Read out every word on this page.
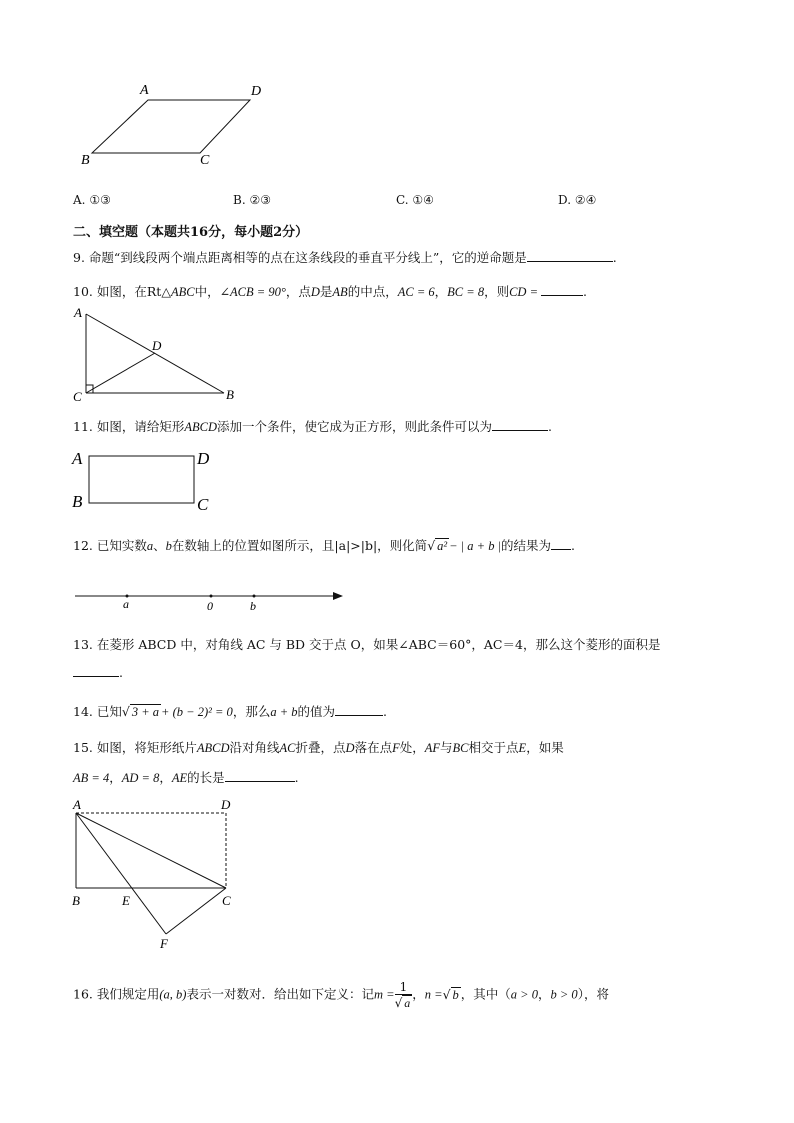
A	D
B	C
A. ①③	B. ②③	C. ①④	D. ②④
二、填空题（本题共16分，每小题2分）
9. 命题“到线段两个端点距离相等的点在这条线段的垂直平分线上”，它的逆命题是	.
10. 如图，在Rt△ABC中，∠ACB = 90°，点D是AB的中点，AC = 6，BC = 8，则CD =	.
A
D
C	B
11. 如图，请给矩形ABCD添加一个条件，使它成为正方形，则此条件可以为	.
A	D
B	C
12. 已知实数a、b在数轴上的位置如图所示，且|a|>|b|，则化简√ a² − | a + b |的结果为 .
a	0	b
13. 在菱形 ABCD 中，对角线 AC 与 BD 交于点 O，如果∠ABC＝60°，AC＝4，那么这个菱形的面积是
.
14. 已知√ 3 + a + (b − 2)² = 0，那么a + b的值为	.
15. 如图，将矩形纸片ABCD沿对角线AC折叠，点D落在点F处，AF与BC相交于点E，如果
AB = 4，AD = 8，AE的长是	.
A	D
B	E	C
F
16. 我们规定用(a, b)表示一对数对．给出如下定义：记$m = \frac{1}{√ a}$ ，n =√ b ，其中（a > 0，b > 0），将
